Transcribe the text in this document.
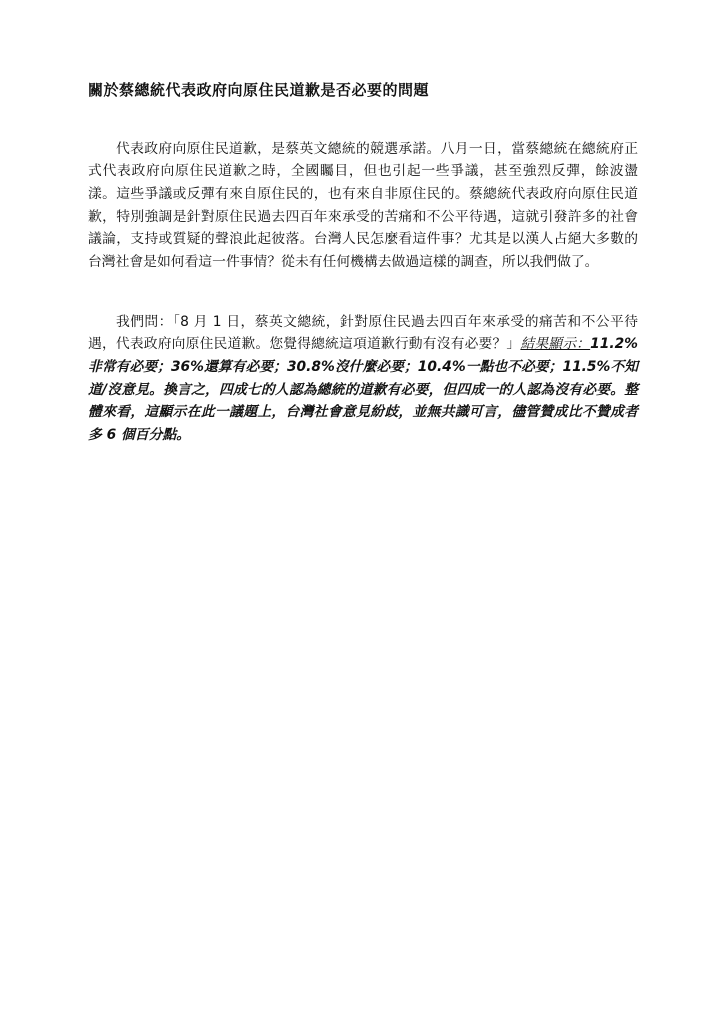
關於蔡總統代表政府向原住民道歉是否必要的問題

代表政府向原住民道歉，是蔡英文總統的競選承諾。八月一日，當蔡總統在總統府正式代表政府向原住民道歉之時，全國矚目，但也引起一些爭議，甚至強烈反彈，餘波盪漾。這些爭議或反彈有來自原住民的，也有來自非原住民的。蔡總統代表政府向原住民道歉，特別強調是針對原住民過去四百年來承受的苦痛和不公平待遇，這就引發許多的社會議論，支持或質疑的聲浪此起彼落。台灣人民怎麼看這件事？尤其是以漢人占絕大多數的台灣社會是如何看這一件事情？從未有任何機構去做過這樣的調查，所以我們做了。

我們問：「8 月 1 日，蔡英文總統，針對原住民過去四百年來承受的痛苦和不公平待遇，代表政府向原住民道歉。您覺得總統這項道歉行動有沒有必要？」結果顯示：11.2%非常有必要；36%還算有必要；30.8%沒什麼必要；10.4%一點也不必要；11.5%不知道/沒意見。換言之，四成七的人認為總統的道歉有必要，但四成一的人認為沒有必要。整體來看，這顯示在此一議題上，台灣社會意見紛歧，並無共識可言，儘管贊成比不贊成者多 6 個百分點。
